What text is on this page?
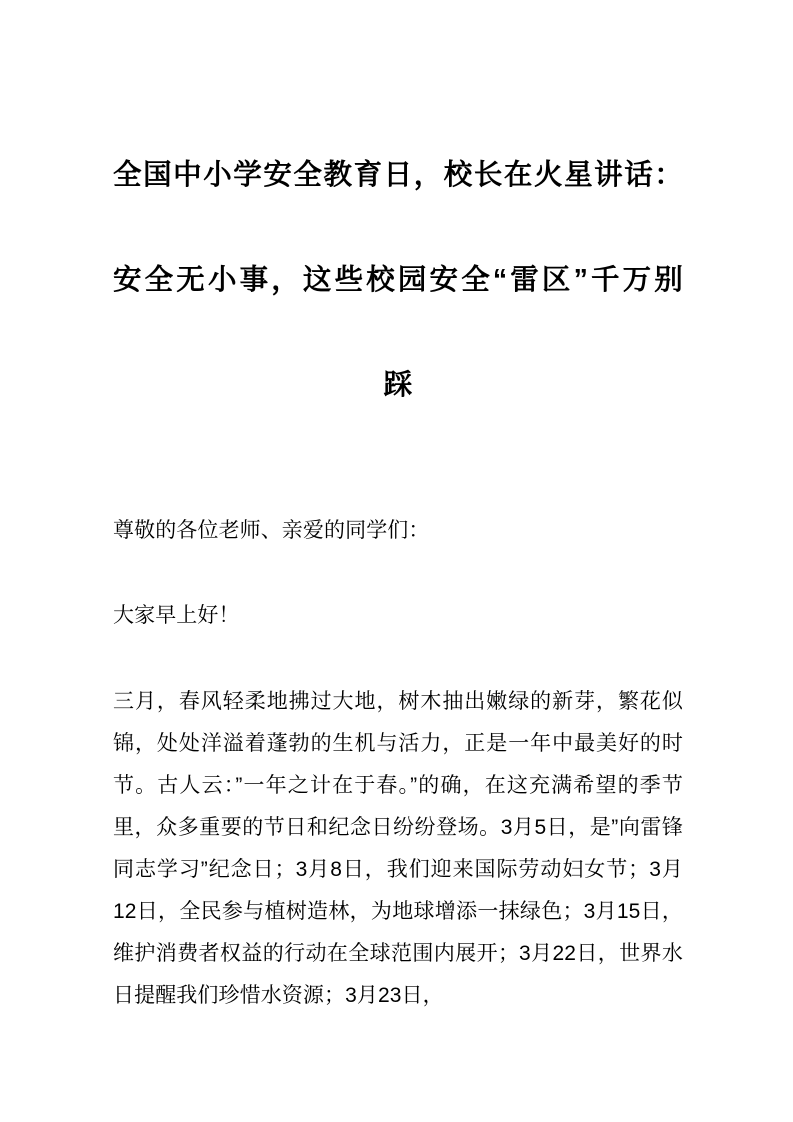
全国中小学安全教育日，校长在火星讲话：
安全无小事，这些校园安全“雷区”千万别
踩

尊敬的各位老师、亲爱的同学们：

大家早上好！

三月，春风轻柔地拂过大地，树木抽出嫩绿的新芽，繁花似锦，处处洋溢着蓬勃的生机与活力，正是一年中最美好的时节。古人云：”一年之计在于春。”的确，在这充满希望的季节里，众多重要的节日和纪念日纷纷登场。3月5日，是”向雷锋同志学习”纪念日；3月8日，我们迎来国际劳动妇女节；3月12日，全民参与植树造林，为地球增添一抹绿色；3月15日，维护消费者权益的行动在全球范围内展开；3月22日，世界水日提醒我们珍惜水资源；3月23日，
